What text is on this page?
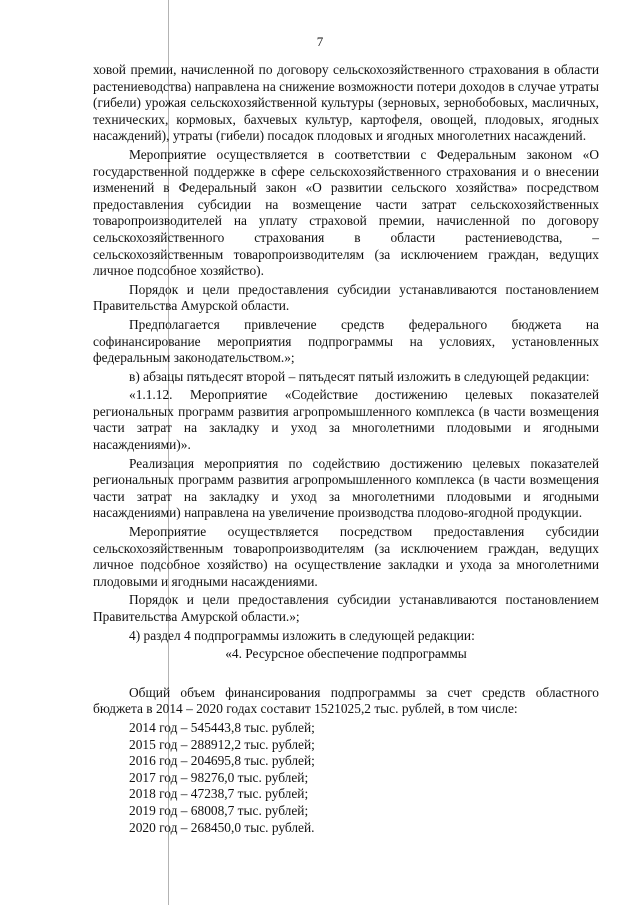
7

ховой премии, начисленной по договору сельскохозяйственного страхования в области растениеводства) направлена на снижение возможности потери доходов в случае утраты (гибели) урожая сельскохозяйственной культуры (зерновых, зернобобовых, масличных, технических, кормовых, бахчевых культур, картофеля, овощей, плодовых, ягодных насаждений), утраты (гибели) посадок плодовых и ягодных многолетних насаждений.

Мероприятие осуществляется в соответствии с Федеральным законом «О государственной поддержке в сфере сельскохозяйственного страхования и о внесении изменений в Федеральный закон «О развитии сельского хозяйства» посредством предоставления субсидии на возмещение части затрат сельскохозяйственных товаропроизводителей на уплату страховой премии, начисленной по договору сельскохозяйственного страхования в области растениеводства, – сельскохозяйственным товаропроизводителям (за исключением граждан, ведущих личное подсобное хозяйство).

Порядок и цели предоставления субсидии устанавливаются постановлением Правительства Амурской области.

Предполагается привлечение средств федерального бюджета на софинансирование мероприятия подпрограммы на условиях, установленных федеральным законодательством.»;

в) абзацы пятьдесят второй – пятьдесят пятый изложить в следующей редакции:

«1.1.12. Мероприятие «Содействие достижению целевых показателей региональных программ развития агропромышленного комплекса (в части возмещения части затрат на закладку и уход за многолетними плодовыми и ягодными насаждениями)».

Реализация мероприятия по содействию достижению целевых показателей региональных программ развития агропромышленного комплекса (в части возмещения части затрат на закладку и уход за многолетними плодовыми и ягодными насаждениями) направлена на увеличение производства плодово-ягодной продукции.

Мероприятие осуществляется посредством предоставления субсидии сельскохозяйственным товаропроизводителям (за исключением граждан, ведущих личное подсобное хозяйство) на осуществление закладки и ухода за многолетними плодовыми и ягодными насаждениями.

Порядок и цели предоставления субсидии устанавливаются постановлением Правительства Амурской области.»;

4) раздел 4 подпрограммы изложить в следующей редакции:

«4. Ресурсное обеспечение подпрограммы

Общий объем финансирования подпрограммы за счет средств областного бюджета в 2014 – 2020 годах составит 1521025,2 тыс. рублей, в том числе:

2014 год – 545443,8 тыс. рублей;
2015 год – 288912,2 тыс. рублей;
2016 год – 204695,8 тыс. рублей;
2017 год – 98276,0 тыс. рублей;
2018 год – 47238,7 тыс. рублей;
2019 год – 68008,7 тыс. рублей;
2020 год – 268450,0 тыс. рублей.
